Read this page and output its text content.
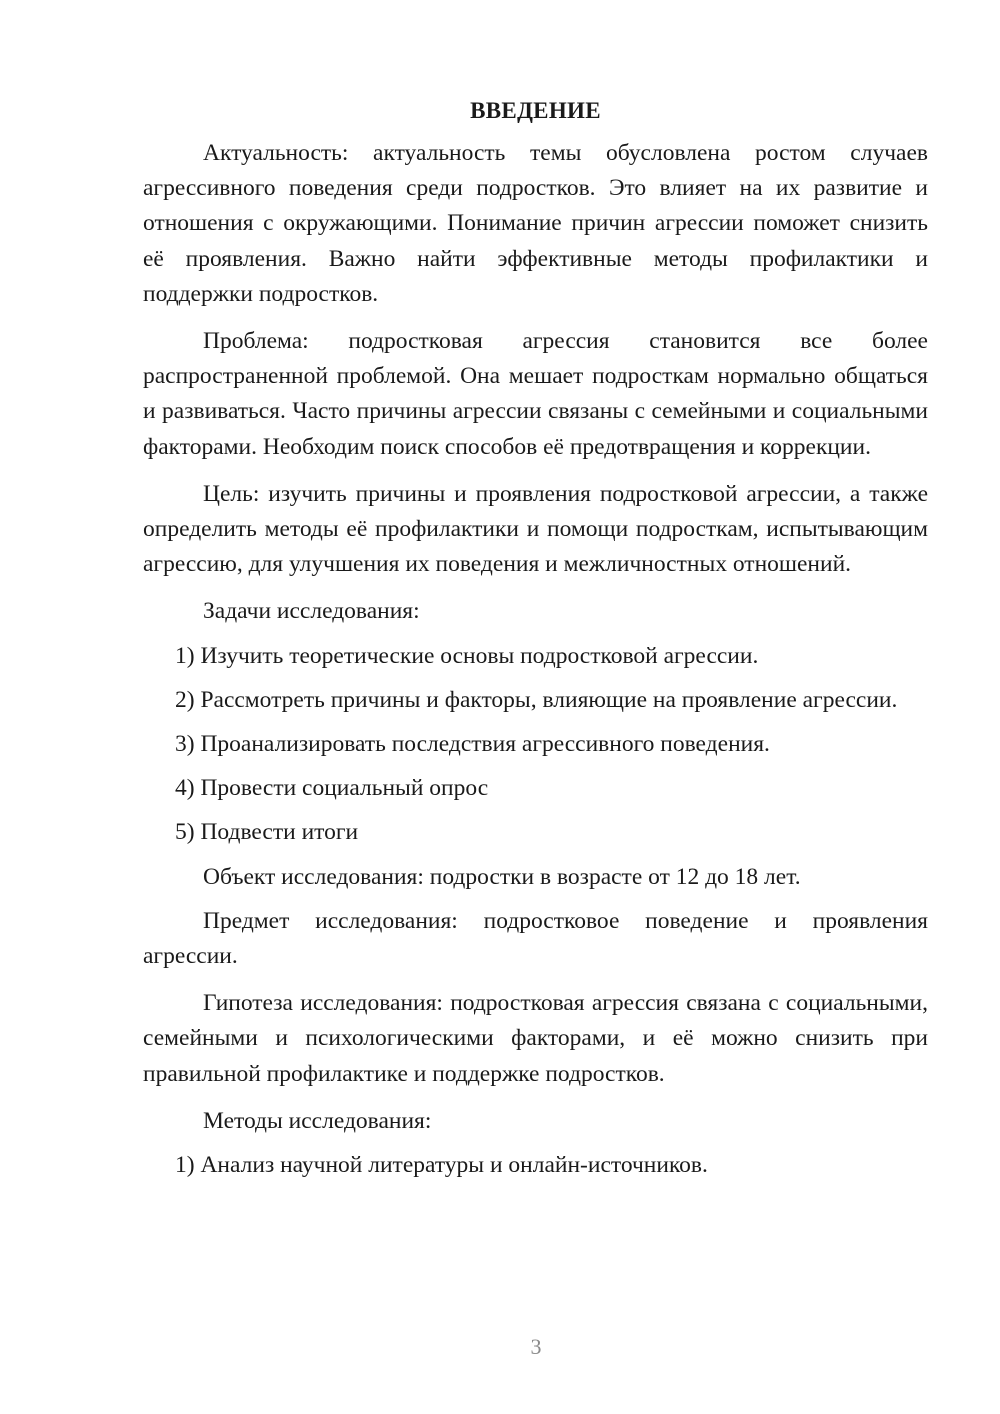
ВВЕДЕНИЕ

Актуальность: актуальность темы обусловлена ростом случаев агрессивного поведения среди подростков. Это влияет на их развитие и отношения с окружающими. Понимание причин агрессии поможет снизить её проявления. Важно найти эффективные методы профилактики и поддержки подростков.

Проблема: подростковая агрессия становится все более распространенной проблемой. Она мешает подросткам нормально общаться и развиваться. Часто причины агрессии связаны с семейными и социальными факторами. Необходим поиск способов её предотвращения и коррекции.

Цель: изучить причины и проявления подростковой агрессии, а также определить методы её профилактики и помощи подросткам, испытывающим агрессию, для улучшения их поведения и межличностных отношений.

Задачи исследования:

1) Изучить теоретические основы подростковой агрессии.

2) Рассмотреть причины и факторы, влияющие на проявление агрессии.

3) Проанализировать последствия агрессивного поведения.

4) Провести социальный опрос

5) Подвести итоги

Объект исследования: подростки в возрасте от 12 до 18 лет.

Предмет исследования: подростковое поведение и проявления агрессии.

Гипотеза исследования: подростковая агрессия связана с социальными, семейными и психологическими факторами, и её можно снизить при правильной профилактике и поддержке подростков.

Методы исследования:

1) Анализ научной литературы и онлайн-источников.

3
